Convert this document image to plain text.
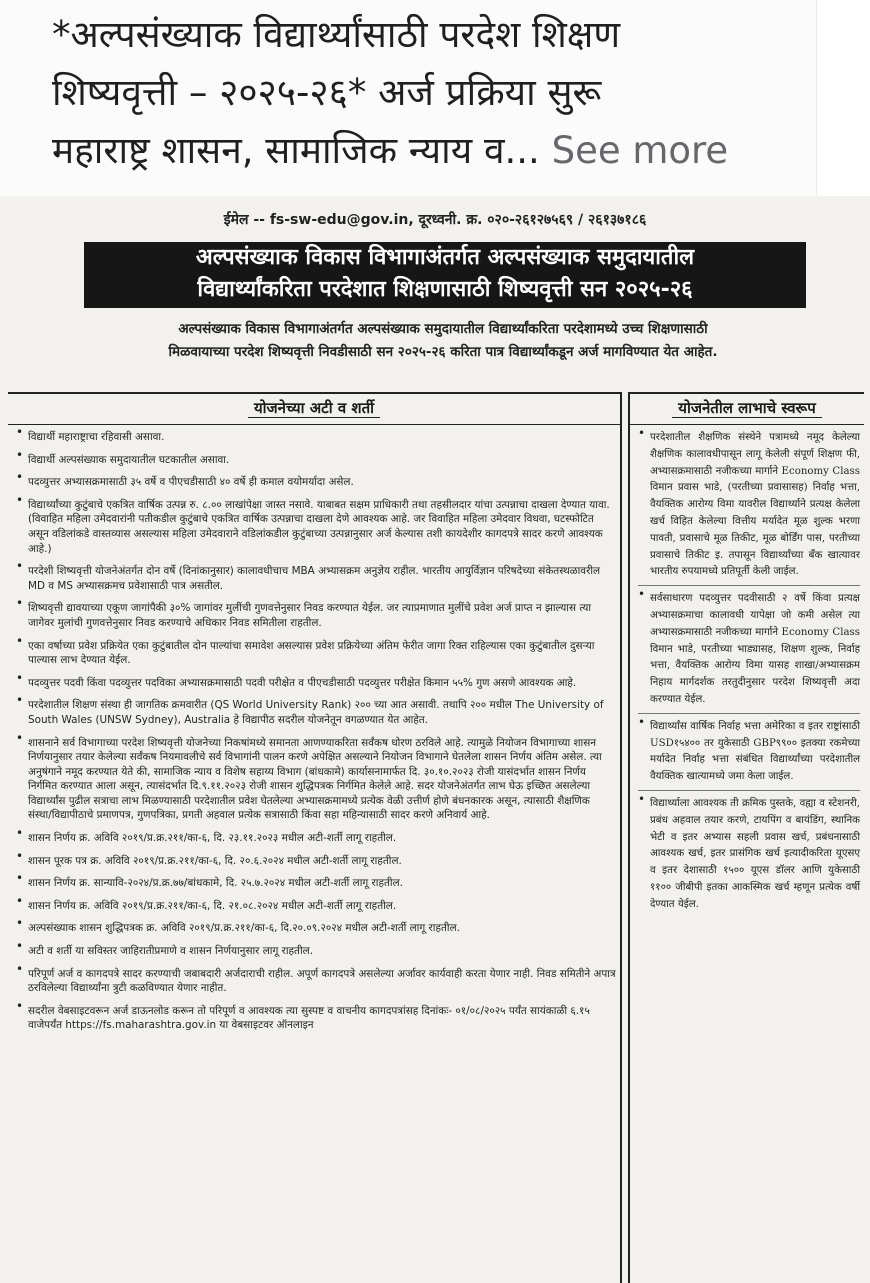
*अल्पसंख्याक विद्यार्थ्यांसाठी परदेश शिक्षण
शिष्यवृत्ती – २०२५-२६* अर्ज प्रक्रिया सुरू
महाराष्ट्र शासन, सामाजिक न्याय व... See more
ईमेल -- fs-sw-edu@gov.in, दूरध्वनी. क्र. ०२०-२६१२७५६९ / २६१३७१८६
अल्पसंख्याक विकास विभागाअंतर्गत अल्पसंख्याक समुदायातील
विद्यार्थ्यांकरिता परदेशात शिक्षणासाठी शिष्यवृत्ती सन २०२५-२६
अल्पसंख्याक विकास विभागाअंतर्गत अल्पसंख्याक समुदायातील विद्यार्थ्यांकरिता परदेशामध्ये उच्च शिक्षणासाठी
मिळवायाच्या परदेश शिष्यवृत्ती निवडीसाठी सन २०२५-२६ करिता पात्र विद्यार्थ्यांकडून अर्ज मागविण्यात येत आहेत.
योजनेच्या अटी व शर्ती
• विद्यार्थी महाराष्ट्राचा रहिवासी असावा.
• विद्यार्थी अल्पसंख्याक समुदायातील घटकातील असावा.
• पदव्युत्तर अभ्यासक्रमासाठी ३५ वर्षे व पीएचडीसाठी ४० वर्षे ही कमाल वयोमर्यादा असेल.
• विद्यार्थ्यांच्या कुटुंबाचे एकत्रित वार्षिक उत्पन्न रु. ८.०० लाखांपेक्षा जास्त नसावे. याबाबत सक्षम प्राधिकारी तथा तहसीलदार यांचा उत्पन्नाचा दाखला देण्यात यावा. (विवाहित महिला उमेदवारांनी पतीकडील कुटुंबाचे एकत्रित वार्षिक उत्पन्नाचा दाखला देणे आवश्यक आहे. जर विवाहित महिला उमेदवार विधवा, घटस्फोटित असून वडिलांकडे वास्तव्यास असल्यास महिला उमेदवाराने वडिलांकडील कुटुंबाच्या उत्पन्नानुसार अर्ज केल्यास तशी कायदेशीर कागदपत्रे सादर करणे आवश्यक आहे.)
• परदेशी शिष्यवृत्ती योजनेअंतर्गत दोन वर्षे (दिनांकानुसार) कालावधीचाच MBA अभ्यासक्रम अनुज्ञेय राहील. भारतीय आयुर्विज्ञान परिषदेच्या संकेतस्थळावरील MD व MS अभ्यासक्रमच प्रवेशासाठी पात्र असतील.
• शिष्यवृत्ती द्यावयाच्या एकूण जागांपैकी ३०% जागांवर मुलींची गुणवत्तेनुसार निवड करण्यात येईल. जर त्याप्रमाणात मुलींचे प्रवेश अर्ज प्राप्त न झाल्यास त्या जागेवर मुलांची गुणवत्तेनुसार निवड करण्याचे अधिकार निवड समितीला राहतील.
• एका वर्षाच्या प्रवेश प्रक्रियेत एका कुटुंबातील दोन पाल्यांचा समावेश असल्यास प्रवेश प्रक्रियेच्या अंतिम फेरीत जागा रिक्त राहिल्यास एका कुटुंबातील दुसऱ्या पाल्यास लाभ देण्यात येईल.
• पदव्युत्तर पदवी किंवा पदव्युत्तर पदविका अभ्यासक्रमासाठी पदवी परीक्षेत व पीएचडीसाठी पदव्युत्तर परीक्षेत किमान ५५% गुण असणे आवश्यक आहे.
• परदेशातील शिक्षण संस्था ही जागतिक क्रमवारीत (QS World University Rank) २०० च्या आत असावी. तथापि २०० मधील The University of South Wales (UNSW Sydney), Australia हे विद्यापीठ सदरील योजनेतून वगळण्यात येत आहेत.
• शासनाने सर्व विभागाच्या परदेश शिष्यवृत्ती योजनेच्या निकषांमध्ये समानता आणण्याकरिता सर्वंकष धोरण ठरविले आहे. त्यामुळे नियोजन विभागाच्या शासन निर्णयानुसार तयार केलेल्या सर्वंकष नियमावलीचे सर्व विभागांनी पालन करणे अपेक्षित असल्याने नियोजन विभागाने घेतलेला शासन निर्णय अंतिम असेल. त्या अनुषंगाने नमूद करण्यात येते की, सामाजिक न्याय व विशेष सहाय्य विभाग (बांधकामे) कार्यासनामार्फत दि. ३०.१०.२०२३ रोजी यासंदर्भात शासन निर्णय निर्गमित करण्यात आला असून, त्यासंदर्भात दि.९.११.२०२३ रोजी शासन शुद्धिपत्रक निर्गमित केलेले आहे. सदर योजनेअंतर्गत लाभ घेऊ इच्छित असलेल्या विद्यार्थ्यांस पुढील सत्राचा लाभ मिळण्यासाठी परदेशातील प्रवेश घेतलेल्या अभ्यासक्रमामध्ये प्रत्येक वेळी उत्तीर्ण होणे बंधनकारक असून, त्यासाठी शैक्षणिक संस्था/विद्यापीठाचे प्रमाणपत्र, गुणपत्रिका, प्रगती अहवाल प्रत्येक सत्रासाठी किंवा सहा महिन्यासाठी सादर करणे अनिवार्य आहे.
• शासन निर्णय क्र. अविवि २०१९/प्र.क्र.२११/का-६, दि. २३.११.२०२३ मधील अटी-शर्ती लागू राहतील.
• शासन पूरक पत्र क्र. अविवि २०१९/प्र.क्र.२११/का-६, दि. २०.६.२०२४ मधील अटी-शर्ती लागू राहतील.
• शासन निर्णय क्र. सान्यावि-२०२४/प्र.क्र.७७/बांधकामे, दि. २५.७.२०२४ मधील अटी-शर्ती लागू राहतील.
• शासन निर्णय क्र. अविवि २०१९/प्र.क्र.२११/का-६, दि. २१.०८.२०२४ मधील अटी-शर्ती लागू राहतील.
• अल्पसंख्याक शासन शुद्धिपत्रक क्र. अविवि २०१९/प्र.क्र.२११/का-६, दि.२०.०९.२०२४ मधील अटी-शर्ती लागू राहतील.
• अटी व शर्ती या सविस्तर जाहिरातीप्रमाणे व शासन निर्णयानुसार लागू राहतील.
• परिपूर्ण अर्ज व कागदपत्रे सादर करण्याची जबाबदारी अर्जदाराची राहील. अपूर्ण कागदपत्रे असलेल्या अर्जावर कार्यवाही करता येणार नाही. निवड समितीने अपात्र ठरविलेल्या विद्यार्थ्यांना त्रुटी कळविण्यात येणार नाहीत.
• सदरील वेबसाइटवरून अर्ज डाऊनलोड करून तो परिपूर्ण व आवश्यक त्या सुस्पष्ट व वाचनीय कागदपत्रांसह दिनांकः- ०१/०८/२०२५ पर्यंत सायंकाळी ६.१५ वाजेपर्यंत https://fs.maharashtra.gov.in या वेबसाइटवर ऑनलाइन
योजनेतील लाभाचे स्वरूप
• परदेशातील शैक्षणिक संस्थेने पत्रामध्ये नमूद केलेल्या शैक्षणिक कालावधीपासून लागू केलेली संपूर्ण शिक्षण फी, अभ्यासक्रमासाठी नजीकच्या मार्गाने Economy Class विमान प्रवास भाडे, (परतीच्या प्रवासासह) निर्वाह भत्ता, वैयक्तिक आरोग्य विमा यावरील विद्यार्थ्याने प्रत्यक्ष केलेला खर्च विहित केलेल्या वित्तीय मर्यादेत मूळ शुल्क भरणा पावती, प्रवासाचे मूळ तिकीट, मूळ बोर्डिंग पास, परतीच्या प्रवासाचे तिकीट इ. तपासून विद्यार्थ्यांच्या बँक खात्यावर भारतीय रुपयामध्ये प्रतिपूर्ती केली जाईल.
• सर्वसाधारण पदव्युत्तर पदवीसाठी २ वर्षे किंवा प्रत्यक्ष अभ्यासक्रमाचा कालावधी यापेक्षा जो कमी असेल त्या अभ्यासक्रमासाठी नजीकच्या मार्गाने Economy Class विमान भाडे, परतीच्या भाड्यासह, शिक्षण शुल्क, निर्वाह भत्ता, वैयक्तिक आरोग्य विमा यासह शाखा/अभ्यासक्रम निहाय मार्गदर्शक तरतुदीनुसार परदेश शिष्यवृत्ती अदा करण्यात येईल.
• विद्यार्थ्यांस वार्षिक निर्वाह भत्ता अमेरिका व इतर राष्ट्रांसाठी USD१५४०० तर युकेसाठी GBP९९०० इतक्या रकमेच्या मर्यादेत निर्वाह भत्ता संबंधित विद्यार्थ्यांच्या परदेशातील वैयक्तिक खात्यामध्ये जमा केला जाईल.
• विद्यार्थ्याला आवश्यक ती क्रमिक पुस्तके, वह्या व स्टेशनरी, प्रबंध अहवाल तयार करणे, टायपिंग व बायंडिंग, स्थानिक भेटी व इतर अभ्यास सहली प्रवास खर्च, प्रबंधनासाठी आवश्यक खर्च, इतर प्रासंगिक खर्च इत्यादीकरिता यूएसए व इतर देशासाठी १५०० यूएस डॉलर आणि युकेसाठी ११०० जीबीपी इतका आकस्मिक खर्च म्हणून प्रत्येक वर्षी देण्यात येईल.
